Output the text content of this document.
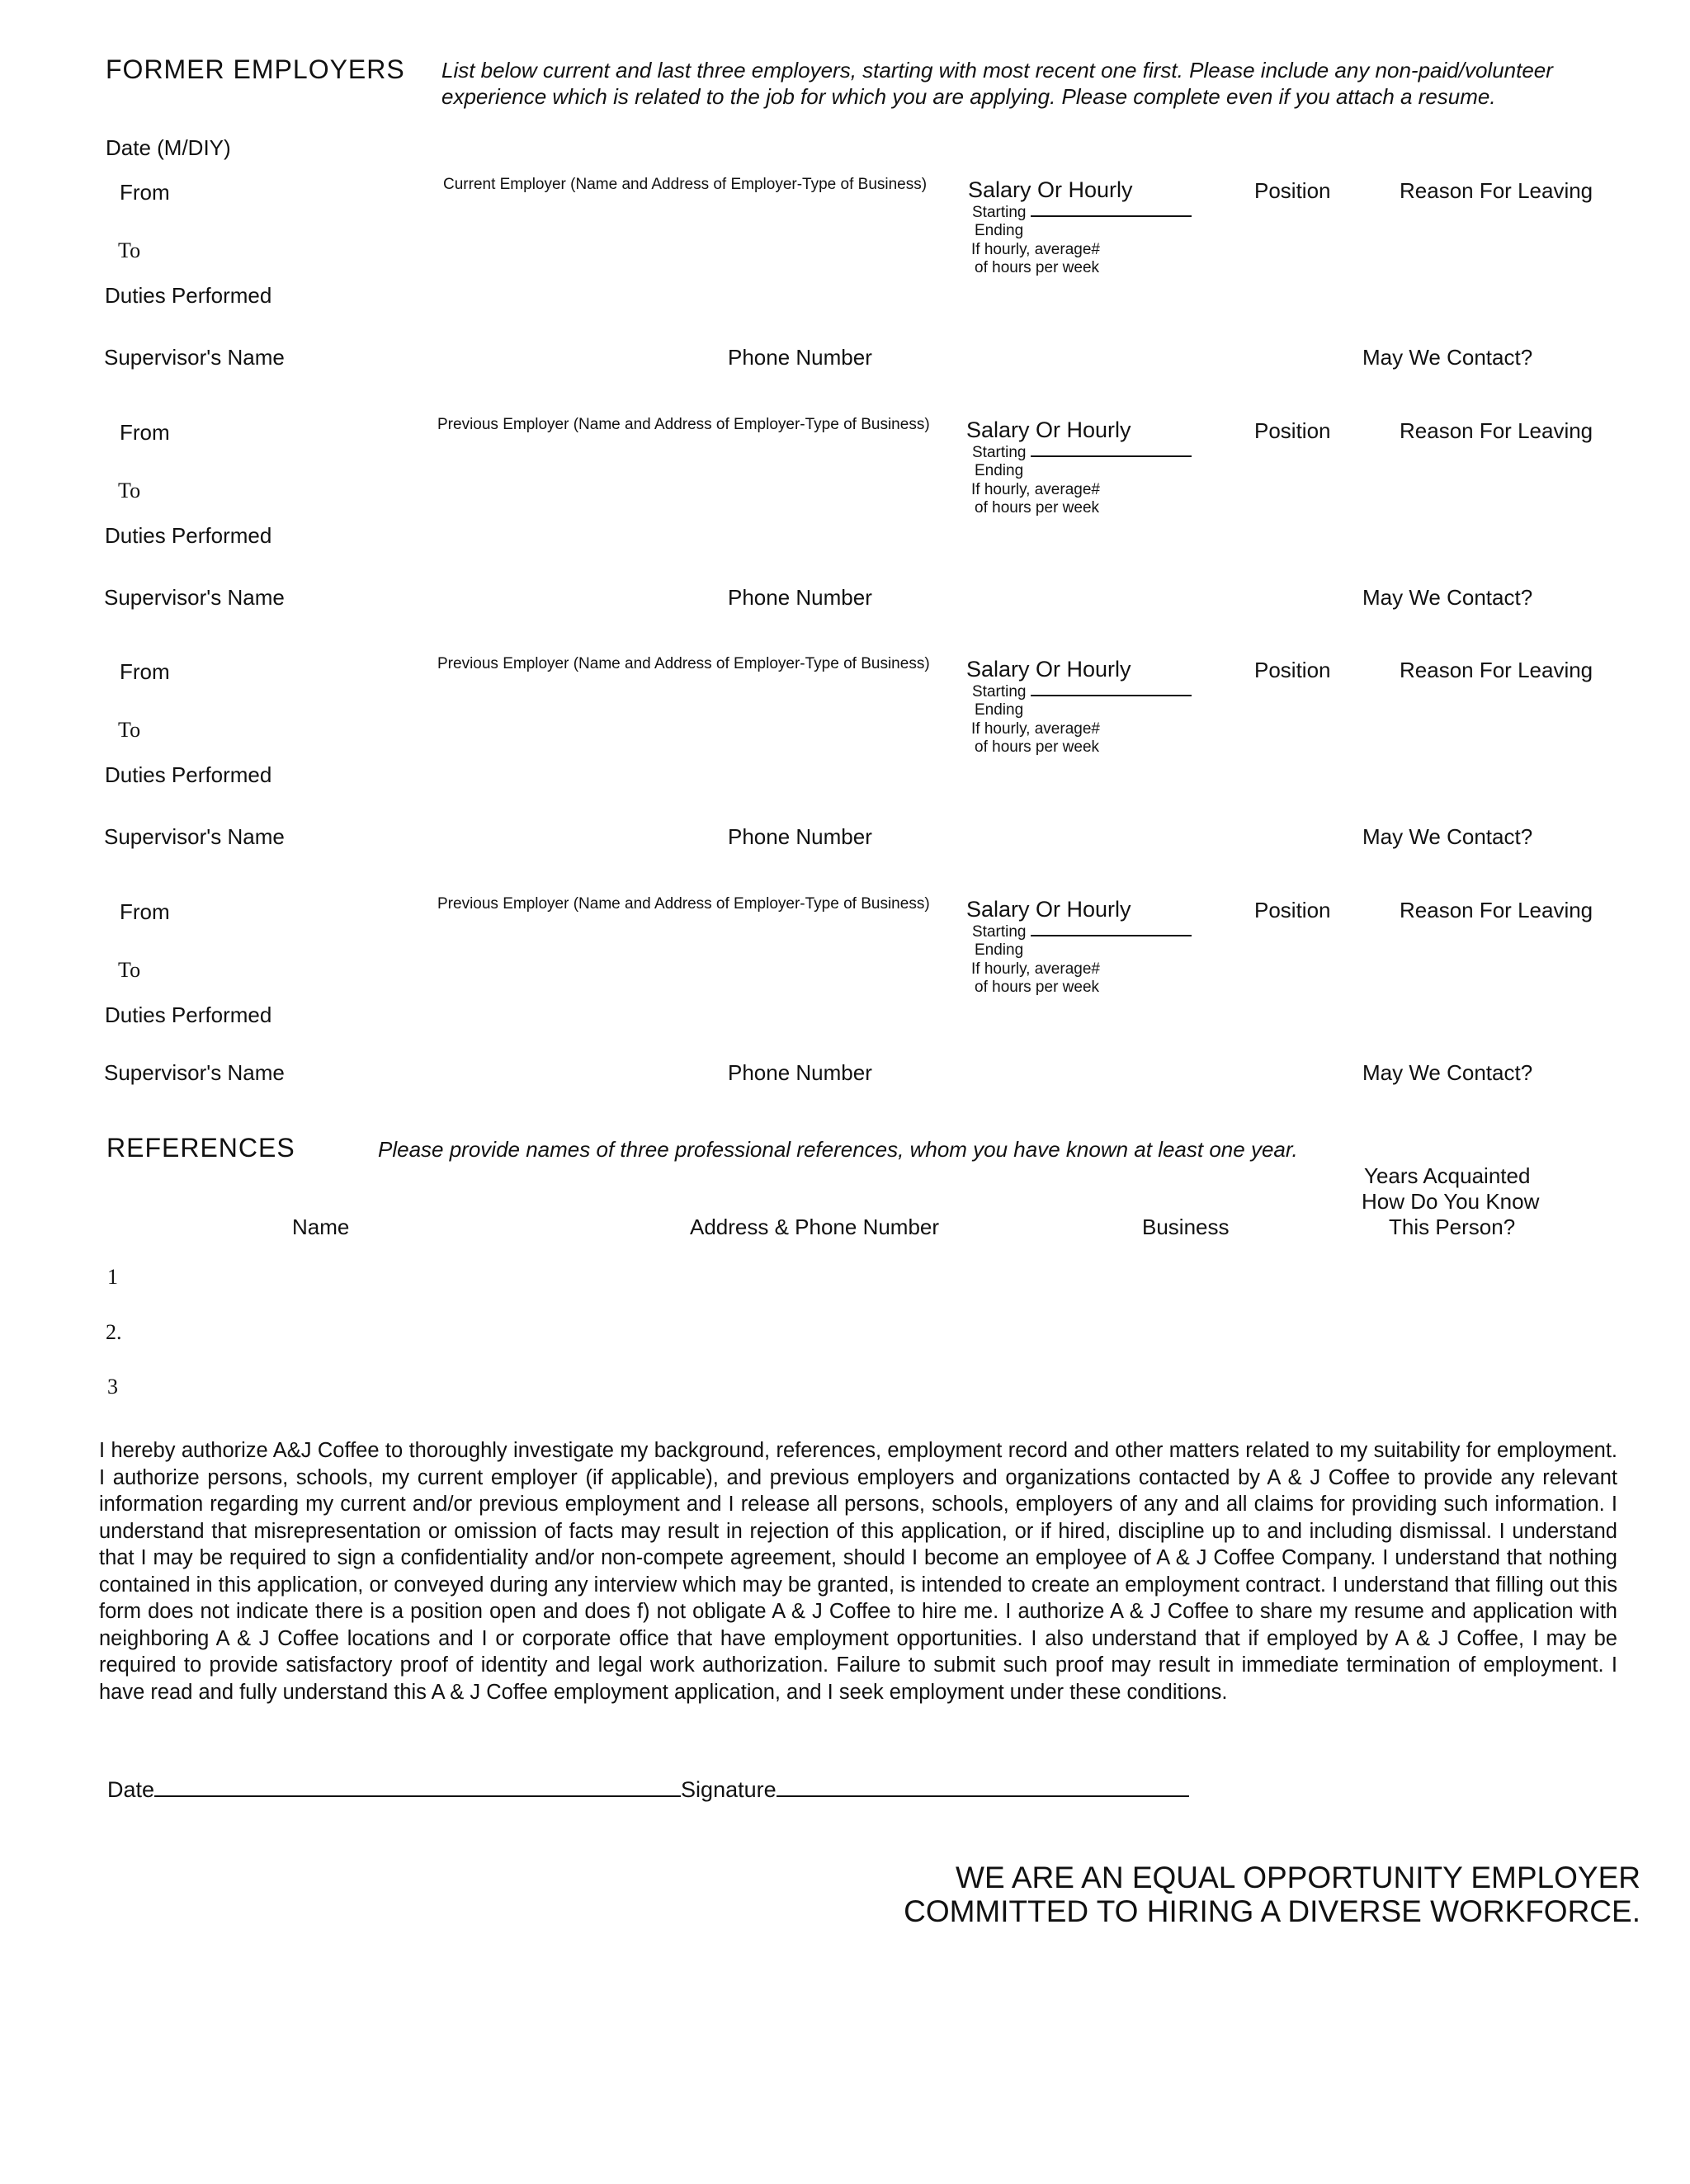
FORMER EMPLOYERS List below current and last three employers, starting with most recent one first. Please include any non-paid/volunteer
experience which is related to the job for which you are applying. Please complete even if you attach a resume.
Date (M/DIY)
From	Current Employer (Name and Address of Employer-Type of Business) Salary Or Hourly	Position	Reason For Leaving
Starting
Ending
If hourly, average#
of hours per week
To
Duties Performed
Supervisor's Name	Phone Number	May We Contact?
From	Previous Employer (Name and Address of Employer-Type of Business) Salary Or Hourly	Position	Reason For Leaving
Starting
Ending
If hourly, average#
of hours per week
To
Duties Performed
Supervisor's Name	Phone Number	May We Contact?
From	Previous Employer (Name and Address of Employer-Type of Business) Salary Or Hourly	Position	Reason For Leaving
Starting
Ending
If hourly, average#
of hours per week
To
Duties Performed
Supervisor's Name	Phone Number	May We Contact?
From	Previous Employer (Name and Address of Employer-Type of Business) Salary Or Hourly	Position	Reason For Leaving
Starting
Ending
If hourly, average#
of hours per week
To
Duties Performed
Supervisor's Name	Phone Number	May We Contact?
REFERENCES	Please provide names of three professional references, whom you have known at least one year.
Years Acquainted
How Do You Know
This Person?
Name	Address & Phone Number	Business
1
2.
3
I hereby authorize A&J Coffee to thoroughly investigate my background, references, employment record and other matters related to my suitability for employment. I authorize persons, schools, my current employer (if applicable), and previous employers and organizations contacted by A & J Coffee to provide any relevant information regarding my current and/or previous employment and I release all persons, schools, employers of any and all claims for providing such information. I understand that misrepresentation or omission of facts may result in rejection of this application, or if hired, discipline up to and including dismissal. I understand that I may be required to sign a confidentiality and/or non-compete agreement, should I become an employee of A & J Coffee Company. I understand that nothing contained in this application, or conveyed during any interview which may be granted, is intended to create an employment contract. I understand that filling out this form does not indicate there is a position open and does f) not obligate A & J Coffee to hire me. I authorize A & J Coffee to share my resume and application with neighboring A & J Coffee locations and I or corporate office that have employment opportunities. I also understand that if employed by A & J Coffee, I may be required to provide satisfactory proof of identity and legal work authorization. Failure to submit such proof may result in immediate termination of employment. I have read and fully understand this A & J Coffee employment application, and I seek employment under these conditions.
Date	Signature
WE ARE AN EQUAL OPPORTUNITY EMPLOYER
COMMITTED TO HIRING A DIVERSE WORKFORCE.
